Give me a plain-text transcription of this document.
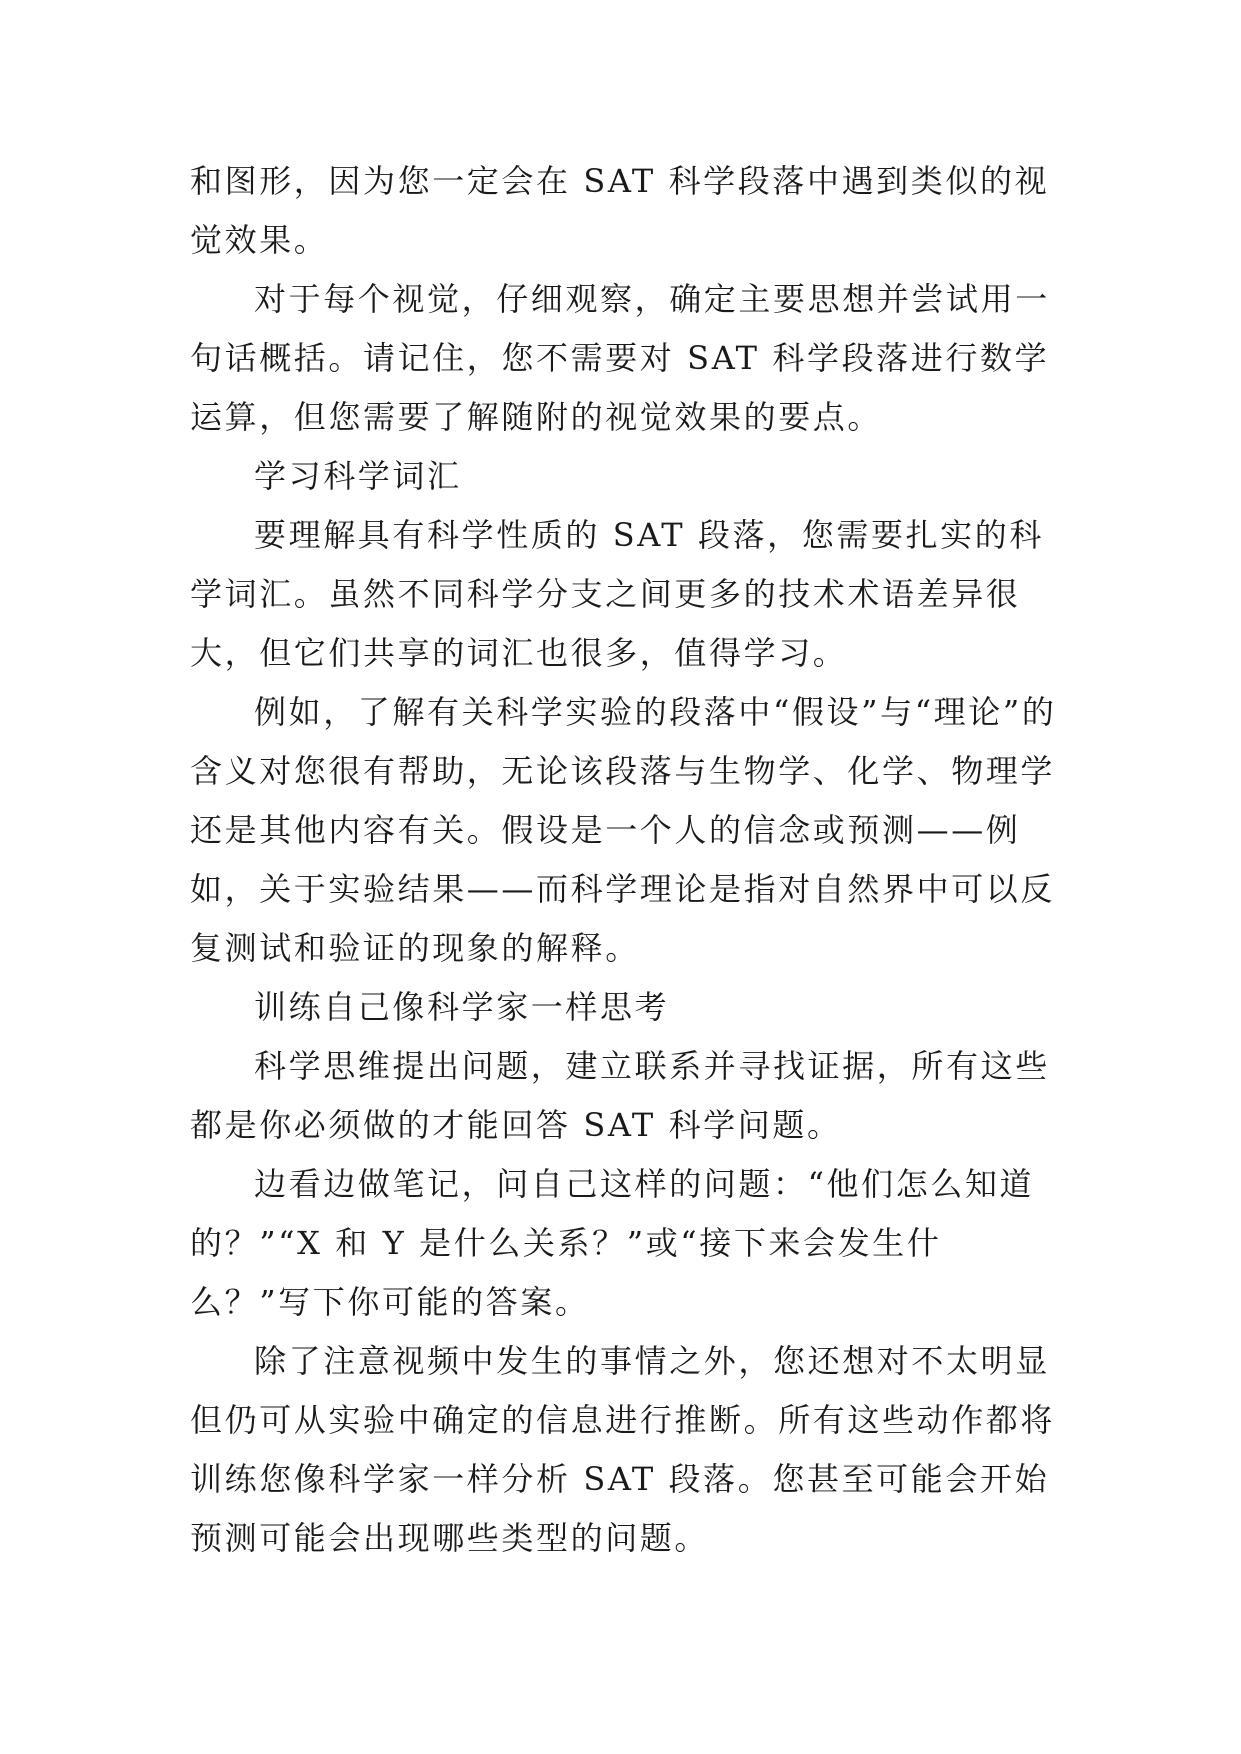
和图形，因为您一定会在 SAT 科学段落中遇到类似的视觉效果。

对于每个视觉，仔细观察，确定主要思想并尝试用一句话概括。请记住，您不需要对 SAT 科学段落进行数学运算，但您需要了解随附的视觉效果的要点。

学习科学词汇

要理解具有科学性质的 SAT 段落，您需要扎实的科学词汇。虽然不同科学分支之间更多的技术术语差异很大，但它们共享的词汇也很多，值得学习。

例如，了解有关科学实验的段落中“假设”与“理论”的含义对您很有帮助，无论该段落与生物学、化学、物理学还是其他内容有关。假设是一个人的信念或预测——例如，关于实验结果——而科学理论是指对自然界中可以反复测试和验证的现象的解释。

训练自己像科学家一样思考

科学思维提出问题，建立联系并寻找证据，所有这些都是你必须做的才能回答 SAT 科学问题。

边看边做笔记，问自己这样的问题：“他们怎么知道的？”“X 和 Y 是什么关系？”或“接下来会发生什么？”写下你可能的答案。

除了注意视频中发生的事情之外，您还想对不太明显但仍可从实验中确定的信息进行推断。所有这些动作都将训练您像科学家一样分析 SAT 段落。您甚至可能会开始预测可能会出现哪些类型的问题。
